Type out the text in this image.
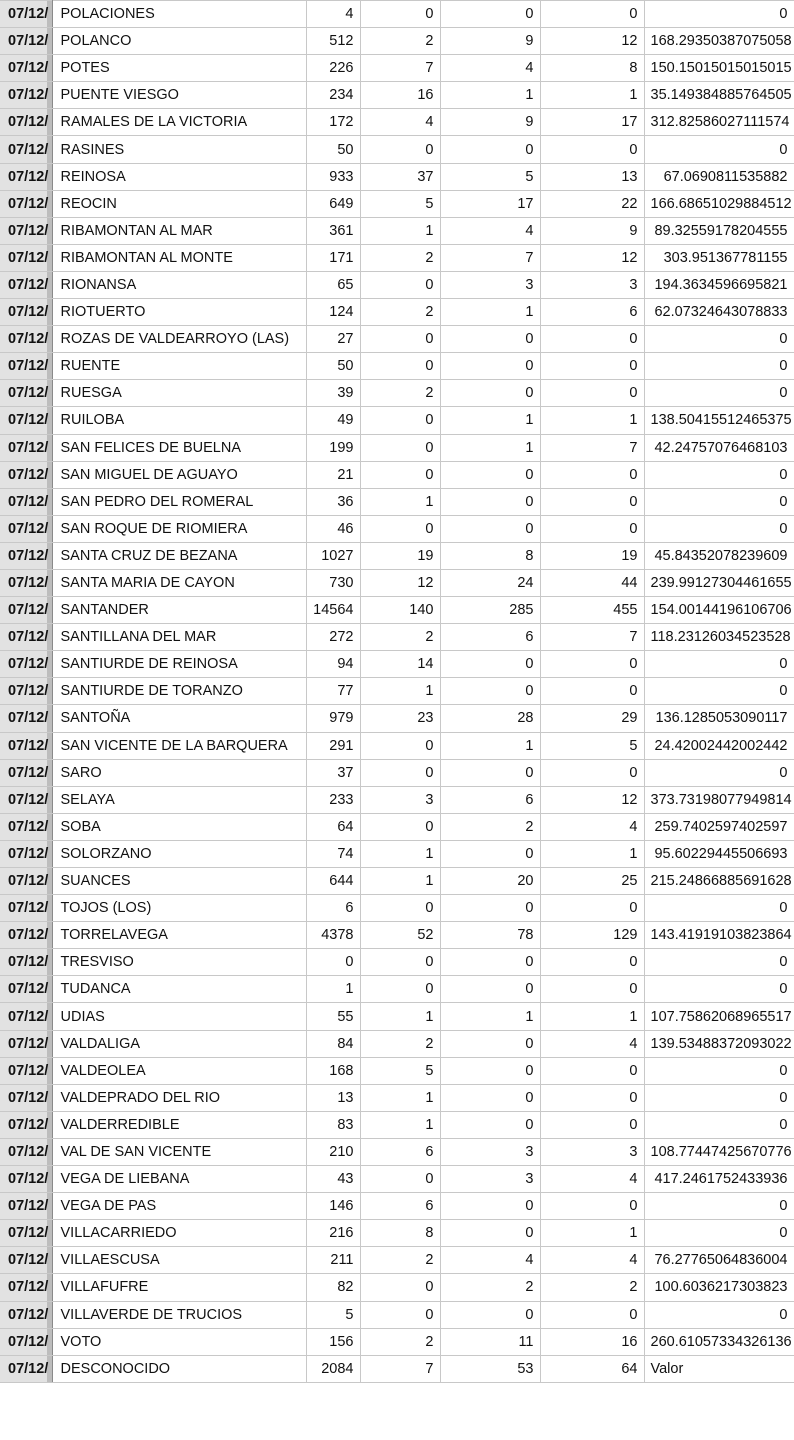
07/12/	POLACIONES	4	0	0	0	0
07/12/	POLANCO	512	2	9	12	168.29350387075058
07/12/	POTES	226	7	4	8	150.15015015015015
07/12/	PUENTE VIESGO	234	16	1	1	35.149384885764505
07/12/	RAMALES DE LA VICTORIA	172	4	9	17	312.82586027111574
07/12/	RASINES	50	0	0	0	0
07/12/	REINOSA	933	37	5	13	67.0690811535882
07/12/	REOCIN	649	5	17	22	166.68651029884512
07/12/	RIBAMONTAN AL MAR	361	1	4	9	89.32559178204555
07/12/	RIBAMONTAN AL MONTE	171	2	7	12	303.951367781155
07/12/	RIONANSA	65	0	3	3	194.3634596695821
07/12/	RIOTUERTO	124	2	1	6	62.07324643078833
07/12/	ROZAS DE VALDEARROYO (LAS)	27	0	0	0	0
07/12/	RUENTE	50	0	0	0	0
07/12/	RUESGA	39	2	0	0	0
07/12/	RUILOBA	49	0	1	1	138.50415512465375
07/12/	SAN FELICES DE BUELNA	199	0	1	7	42.24757076468103
07/12/	SAN MIGUEL DE AGUAYO	21	0	0	0	0
07/12/	SAN PEDRO DEL ROMERAL	36	1	0	0	0
07/12/	SAN ROQUE DE RIOMIERA	46	0	0	0	0
07/12/	SANTA CRUZ DE BEZANA	1027	19	8	19	45.84352078239609
07/12/	SANTA MARIA DE CAYON	730	12	24	44	239.99127304461655
07/12/	SANTANDER	14564	140	285	455	154.00144196106706
07/12/	SANTILLANA DEL MAR	272	2	6	7	118.23126034523528
07/12/	SANTIURDE DE REINOSA	94	14	0	0	0
07/12/	SANTIURDE DE TORANZO	77	1	0	0	0
07/12/	SANTOÑA	979	23	28	29	136.1285053090117
07/12/	SAN VICENTE DE LA BARQUERA	291	0	1	5	24.42002442002442
07/12/	SARO	37	0	0	0	0
07/12/	SELAYA	233	3	6	12	373.73198077949814
07/12/	SOBA	64	0	2	4	259.7402597402597
07/12/	SOLORZANO	74	1	0	1	95.60229445506693
07/12/	SUANCES	644	1	20	25	215.24866885691628
07/12/	TOJOS (LOS)	6	0	0	0	0
07/12/	TORRELAVEGA	4378	52	78	129	143.41919103823864
07/12/	TRESVISO	0	0	0	0	0
07/12/	TUDANCA	1	0	0	0	0
07/12/	UDIAS	55	1	1	1	107.75862068965517
07/12/	VALDALIGA	84	2	0	4	139.53488372093022
07/12/	VALDEOLEA	168	5	0	0	0
07/12/	VALDEPRADO DEL RIO	13	1	0	0	0
07/12/	VALDERREDIBLE	83	1	0	0	0
07/12/	VAL DE SAN VICENTE	210	6	3	3	108.77447425670776
07/12/	VEGA DE LIEBANA	43	0	3	4	417.2461752433936
07/12/	VEGA DE PAS	146	6	0	0	0
07/12/	VILLACARRIEDO	216	8	0	1	0
07/12/	VILLAESCUSA	211	2	4	4	76.27765064836004
07/12/	VILLAFUFRE	82	0	2	2	100.6036217303823
07/12/	VILLAVERDE DE TRUCIOS	5	0	0	0	0
07/12/	VOTO	156	2	11	16	260.61057334326136
07/12/	DESCONOCIDO	2084	7	53	64	Valor
